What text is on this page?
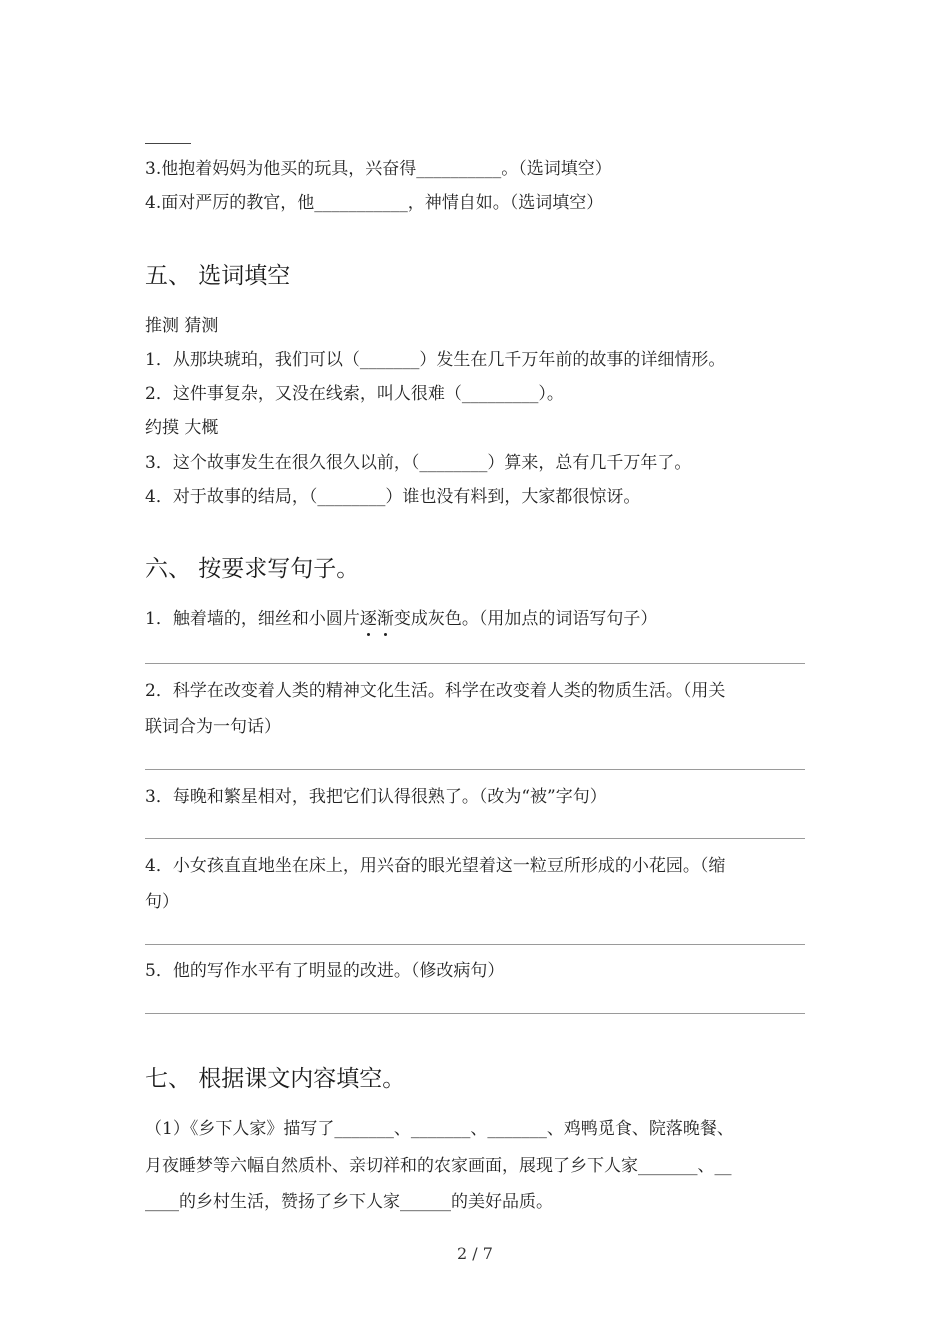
3.他抱着妈妈为他买的玩具，兴奋得__________。（选词填空）
4.面对严厉的教官，他___________，神情自如。（选词填空）
五、 选词填空
推测 猜测
1．从那块琥珀，我们可以（_______）发生在几千万年前的故事的详细情形。
2．这件事复杂，又没在线索，叫人很难（_________）。
约摸 大概
3．这个故事发生在很久很久以前，（________）算来，总有几千万年了。
4．对于故事的结局，（________）谁也没有料到，大家都很惊讶。
六、 按要求写句子。
1．触着墙的，细丝和小圆片逐渐变成灰色。（用加点的词语写句子）
2．科学在改变着人类的精神文化生活。科学在改变着人类的物质生活。（用关
联词合为一句话）
3．每晚和繁星相对，我把它们认得很熟了。（改为“被”字句）
4．小女孩直直地坐在床上，用兴奋的眼光望着这一粒豆所形成的小花园。（缩
句）
5．他的写作水平有了明显的改进。（修改病句）
七、 根据课文内容填空。
（1）《乡下人家》描写了_______、_______、_______、鸡鸭觅食、院落晚餐、
月夜睡梦等六幅自然质朴、亲切祥和的农家画面，展现了乡下人家_______、__
____的乡村生活，赞扬了乡下人家______的美好品质。
2 / 7
